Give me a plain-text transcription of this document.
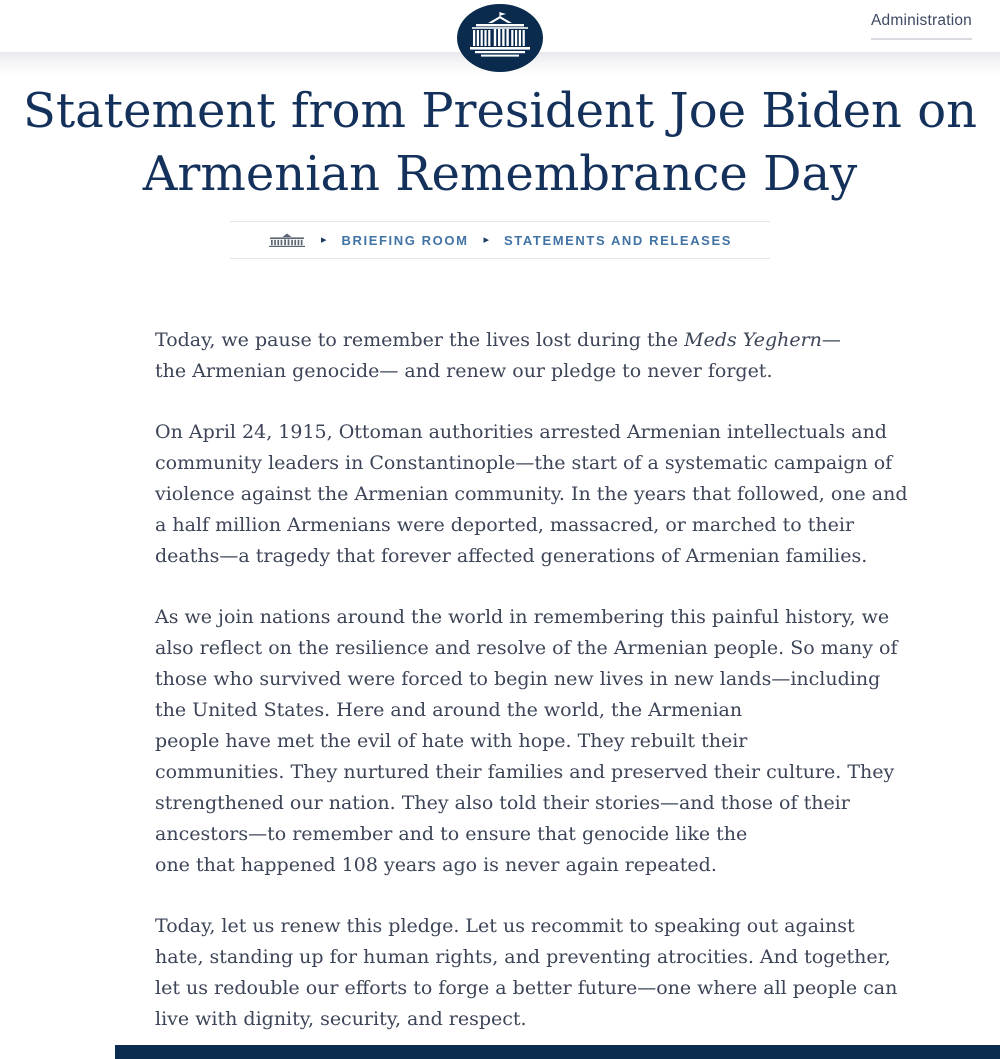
Administration
Statement from President Joe Biden on
Armenian Remembrance Day
▸ BRIEFING ROOM ▸ STATEMENTS AND RELEASES

Today, we pause to remember the lives lost during the Meds Yeghern—
the Armenian genocide— and renew our pledge to never forget.

On April 24, 1915, Ottoman authorities arrested Armenian intellectuals and
community leaders in Constantinople—the start of a systematic campaign of
violence against the Armenian community. In the years that followed, one and
a half million Armenians were deported, massacred, or marched to their
deaths—a tragedy that forever affected generations of Armenian families.

As we join nations around the world in remembering this painful history, we
also reflect on the resilience and resolve of the Armenian people. So many of
those who survived were forced to begin new lives in new lands—including
the United States. Here and around the world, the Armenian
people have met the evil of hate with hope. They rebuilt their
communities. They nurtured their families and preserved their culture. They
strengthened our nation. They also told their stories—and those of their
ancestors—to remember and to ensure that genocide like the
one that happened 108 years ago is never again repeated.

Today, let us renew this pledge. Let us recommit to speaking out against
hate, standing up for human rights, and preventing atrocities. And together,
let us redouble our efforts to forge a better future—one where all people can
live with dignity, security, and respect.
